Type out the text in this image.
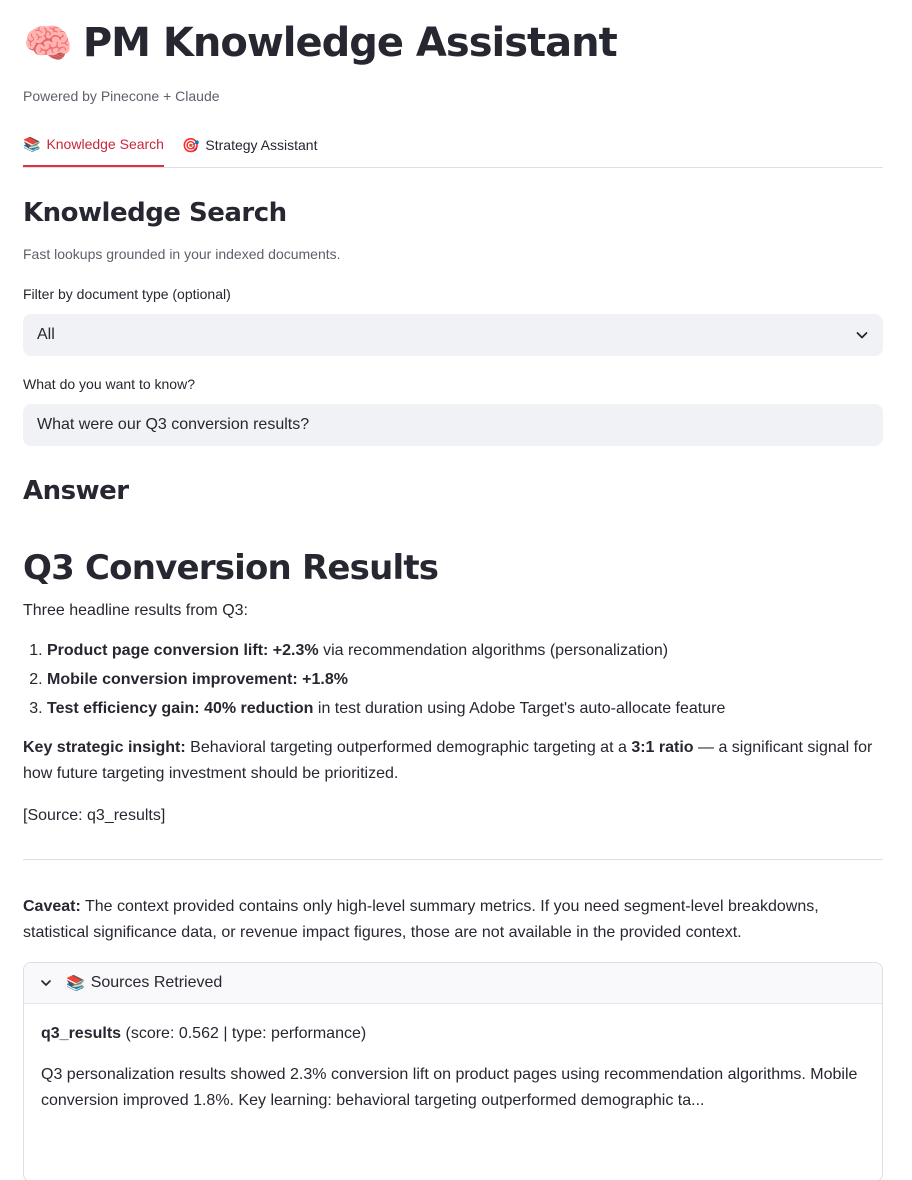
🧠 PM Knowledge Assistant
Powered by Pinecone + Claude
📚 Knowledge Search 🎯 Strategy Assistant
Knowledge Search
Fast lookups grounded in your indexed documents.
Filter by document type (optional)
All
What do you want to know?
What were our Q3 conversion results?
Answer
Q3 Conversion Results
Three headline results from Q3:
1. Product page conversion lift: +2.3% via recommendation algorithms (personalization)
2. Mobile conversion improvement: +1.8%
3. Test efficiency gain: 40% reduction in test duration using Adobe Target's auto-allocate feature
Key strategic insight: Behavioral targeting outperformed demographic targeting at a 3:1 ratio — a significant signal for how future targeting investment should be prioritized.
[Source: q3_results]
Caveat: The context provided contains only high-level summary metrics. If you need segment-level breakdowns, statistical significance data, or revenue impact figures, those are not available in the provided context.
📚 Sources Retrieved
q3_results (score: 0.562 | type: performance)
Q3 personalization results showed 2.3% conversion lift on product pages using recommendation algorithms. Mobile conversion improved 1.8%. Key learning: behavioral targeting outperformed demographic ta...
